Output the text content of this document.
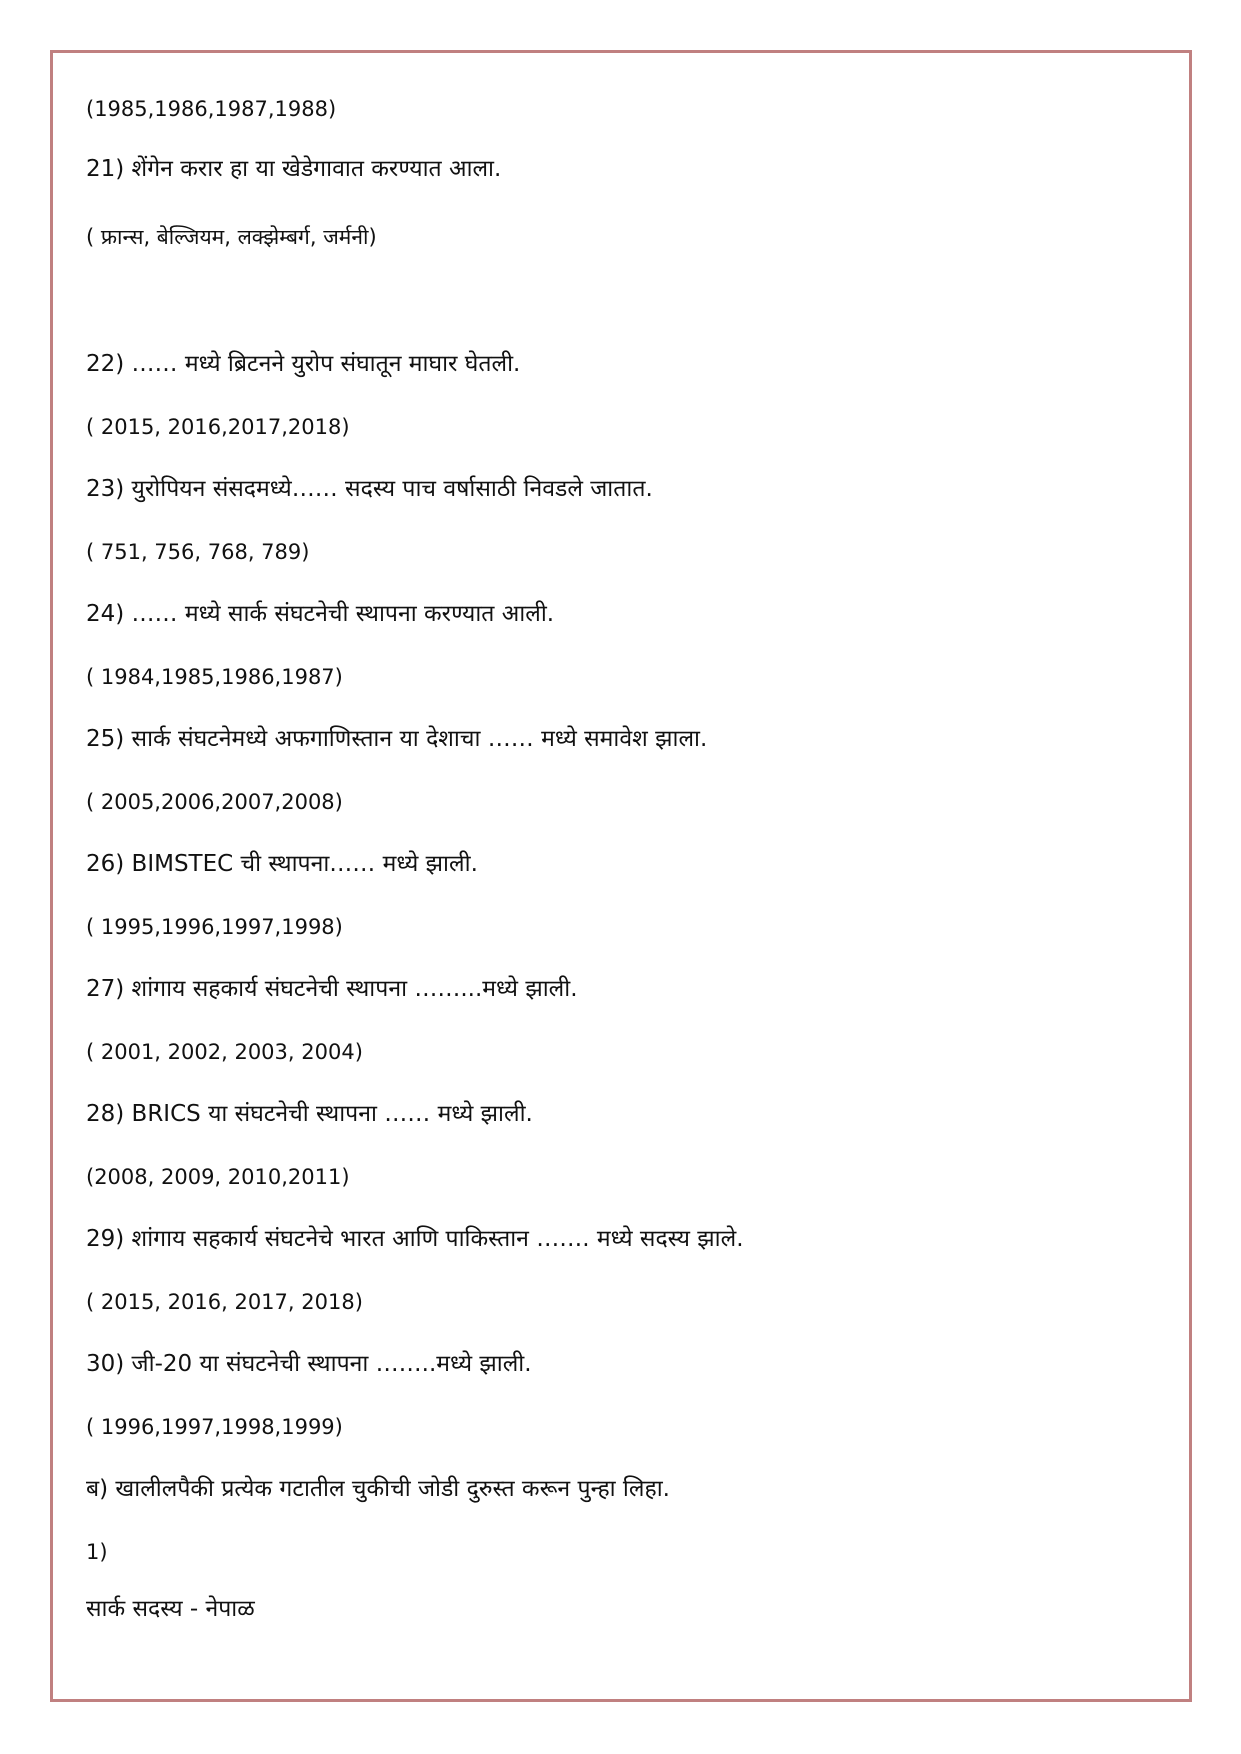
(1985,1986,1987,1988)
21) शेंगेन करार हा या खेडेगावात करण्यात आला.
( फ्रान्स, बेल्जियम, लक्झेम्बर्ग, जर्मनी)
22) …… मध्ये ब्रिटनने युरोप संघातून माघार घेतली.
( 2015, 2016,2017,2018)
23) युरोपियन संसदमध्ये…… सदस्य पाच वर्षासाठी निवडले जातात.
( 751, 756, 768, 789)
24) …… मध्ये सार्क संघटनेची स्थापना करण्यात आली.
( 1984,1985,1986,1987)
25) सार्क संघटनेमध्ये अफगाणिस्तान या देशाचा …… मध्ये समावेश झाला.
( 2005,2006,2007,2008)
26) BIMSTEC ची स्थापना…… मध्ये झाली.
( 1995,1996,1997,1998)
27) शांगाय सहकार्य संघटनेची स्थापना ……...मध्ये झाली.
( 2001, 2002, 2003, 2004)
28) BRICS या संघटनेची स्थापना …… मध्ये झाली.
(2008, 2009, 2010,2011)
29) शांगाय सहकार्य संघटनेचे भारत आणि पाकिस्तान ……. मध्ये सदस्य झाले.
( 2015, 2016, 2017, 2018)
30) जी-20 या संघटनेची स्थापना ……..मध्ये झाली.
( 1996,1997,1998,1999)
ब) खालीलपैकी प्रत्येक गटातील चुकीची जोडी दुरुस्त करून पुन्हा लिहा.
1)
सार्क सदस्य - नेपाळ
